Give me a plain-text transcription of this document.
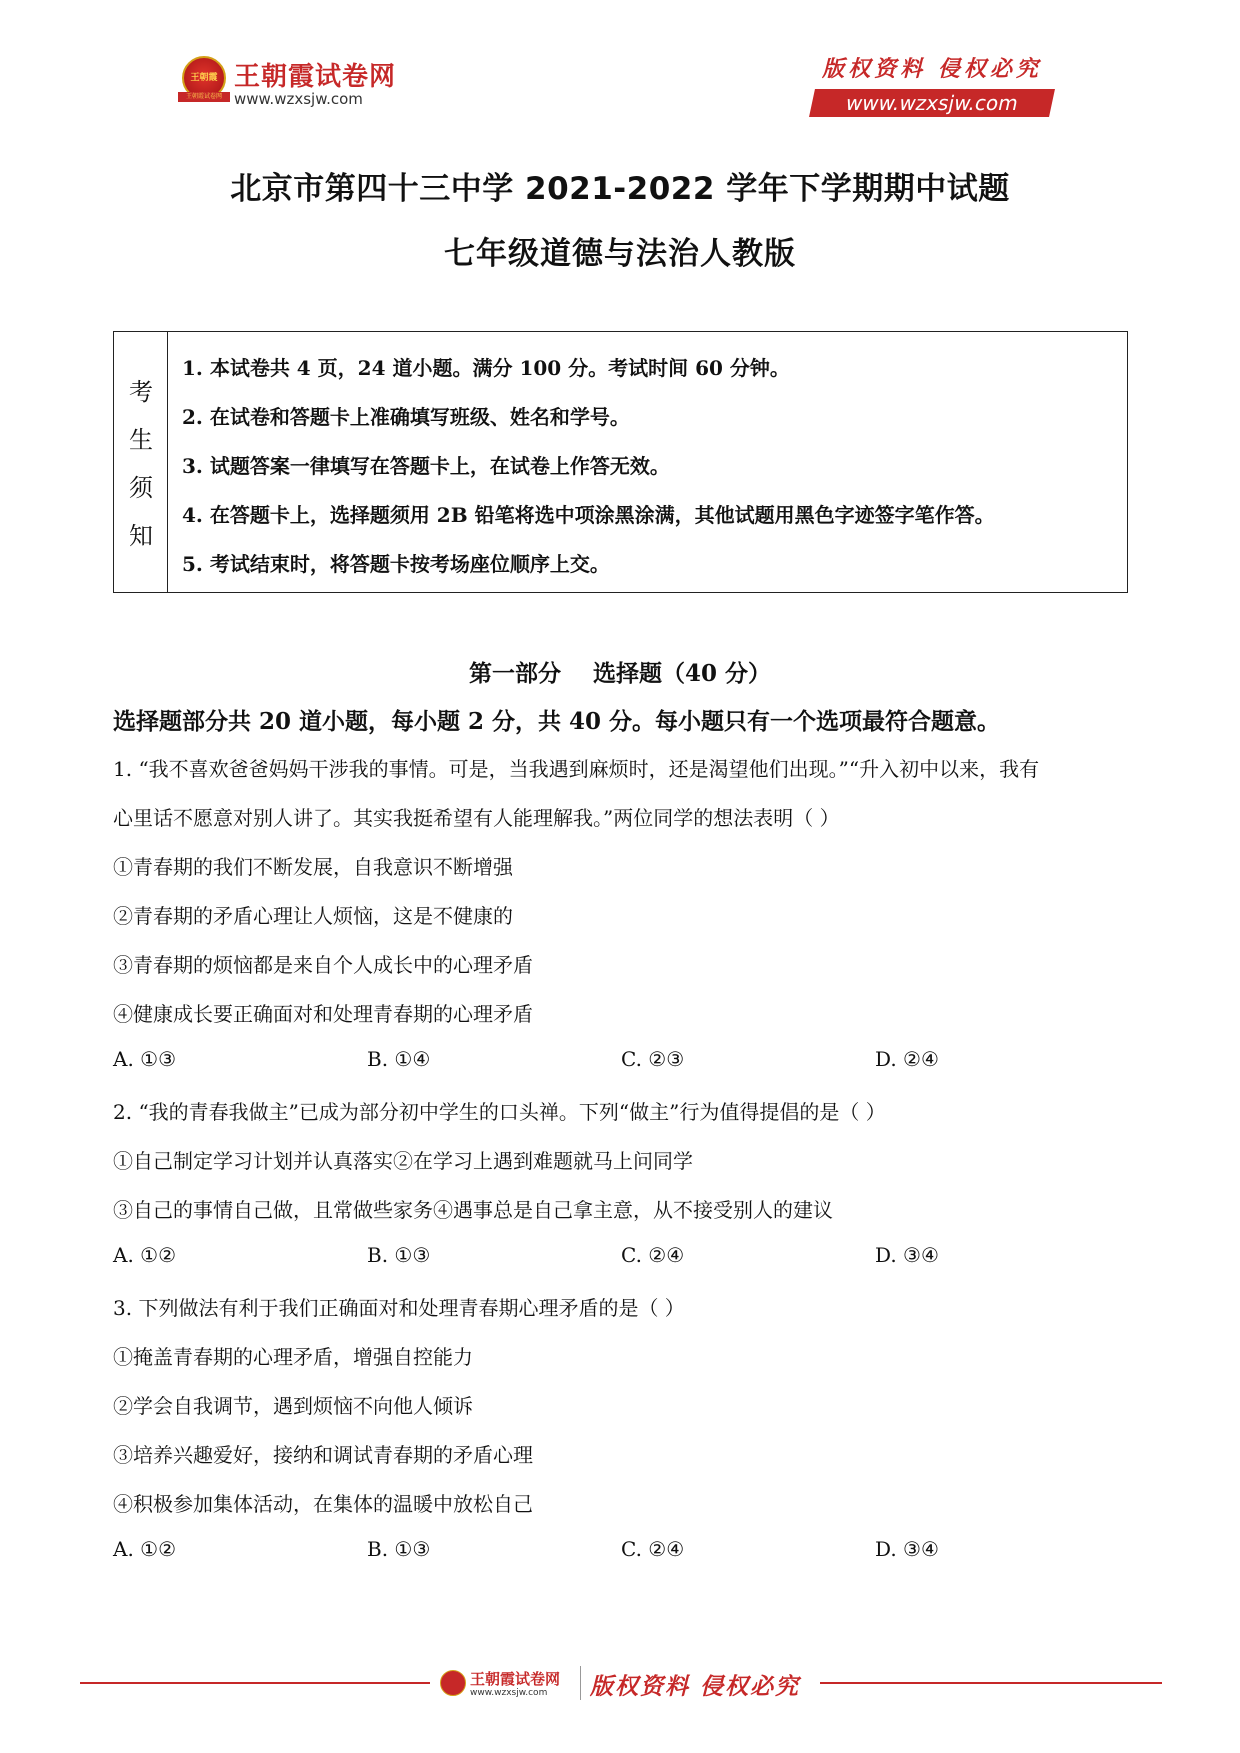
王朝霞
王朝霞试卷网
王朝霞试卷网
www.wzxsjw.com
版权资料 侵权必究
www.wzxsjw.com
北京市第四十三中学 2021-2022 学年下学期期中试题
七年级道德与法治人教版
考
生
须
知
1. 本试卷共 4 页，24 道小题。满分 100 分。考试时间 60 分钟。
2. 在试卷和答题卡上准确填写班级、姓名和学号。
3. 试题答案一律填写在答题卡上，在试卷上作答无效。
4. 在答题卡上，选择题须用 2B 铅笔将选中项涂黑涂满，其他试题用黑色字迹签字笔作答。
5. 考试结束时，将答题卡按考场座位顺序上交。
第一部分    选择题（40 分）
选择题部分共 20 道小题，每小题 2 分，共 40 分。每小题只有一个选项最符合题意。
1. “我不喜欢爸爸妈妈干涉我的事情。可是，当我遇到麻烦时，还是渴望他们出现。”“升入初中以来，我有
心里话不愿意对别人讲了。其实我挺希望有人能理解我。”两位同学的想法表明（ ）
①青春期的我们不断发展，自我意识不断增强
②青春期的矛盾心理让人烦恼，这是不健康的
③青春期的烦恼都是来自个人成长中的心理矛盾
④健康成长要正确面对和处理青春期的心理矛盾
A. ①③	B. ①④	C. ②③	D. ②④
2. “我的青春我做主”已成为部分初中学生的口头禅。下列“做主”行为值得提倡的是（ ）
①自己制定学习计划并认真落实②在学习上遇到难题就马上问同学
③自己的事情自己做，且常做些家务④遇事总是自己拿主意，从不接受别人的建议
A. ①②	B. ①③	C. ②④	D. ③④
3. 下列做法有利于我们正确面对和处理青春期心理矛盾的是（ ）
①掩盖青春期的心理矛盾，增强自控能力
②学会自我调节，遇到烦恼不向他人倾诉
③培养兴趣爱好，接纳和调试青春期的矛盾心理
④积极参加集体活动，在集体的温暖中放松自己
A. ①②	B. ①③	C. ②④	D. ③④
王朝霞试卷网
www.wzxsjw.com 版权资料 侵权必究
